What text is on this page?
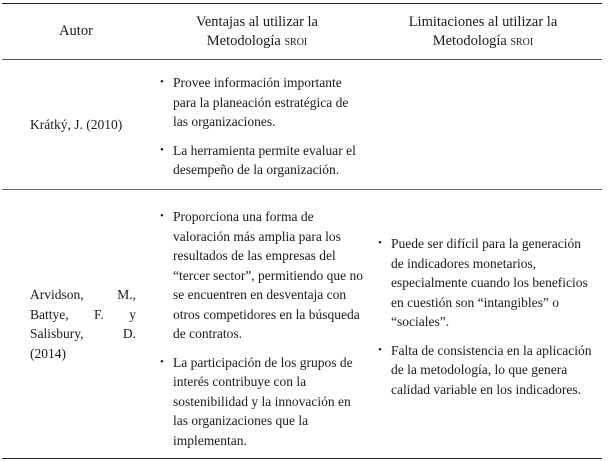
Autor
Ventajas al utilizar la
Metodología sroi
Limitaciones al utilizar la
Metodología sroi
Krátký, J. (2010)
• Provee información importante para la planeación estratégica de las organizaciones.
• La herramienta permite evaluar el desempeño de la organización.
Arvidson, M., Battye, F. y Salisbury, D. (2014)
• Proporciona una forma de valoración más amplia para los resultados de las empresas del “tercer sector”, permitiendo que no se encuentren en desventaja con otros competidores en la búsqueda de contratos.
• La participación de los grupos de interés contribuye con la sostenibilidad y la innovación en las organizaciones que la implementan.
• Puede ser difícil para la generación de indicadores monetarios, especialmente cuando los beneficios en cuestión son “intangibles” o “sociales”.
• Falta de consistencia en la aplicación de la metodología, lo que genera calidad variable en los indicadores.
